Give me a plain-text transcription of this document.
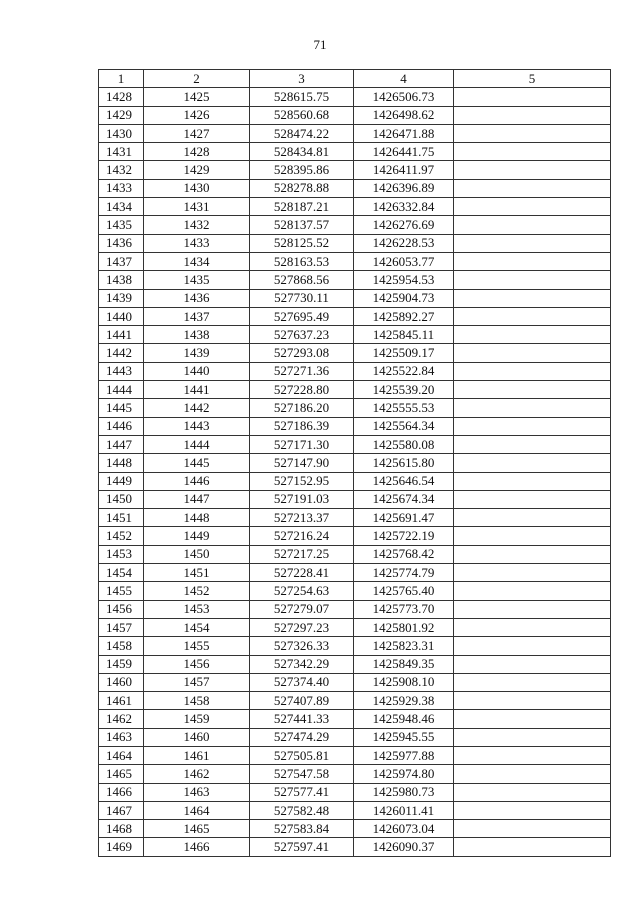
71
1	2	3	4	5
1428	1425	528615.75	1426506.73	
1429	1426	528560.68	1426498.62	
1430	1427	528474.22	1426471.88	
1431	1428	528434.81	1426441.75	
1432	1429	528395.86	1426411.97	
1433	1430	528278.88	1426396.89	
1434	1431	528187.21	1426332.84	
1435	1432	528137.57	1426276.69	
1436	1433	528125.52	1426228.53	
1437	1434	528163.53	1426053.77	
1438	1435	527868.56	1425954.53	
1439	1436	527730.11	1425904.73	
1440	1437	527695.49	1425892.27	
1441	1438	527637.23	1425845.11	
1442	1439	527293.08	1425509.17	
1443	1440	527271.36	1425522.84	
1444	1441	527228.80	1425539.20	
1445	1442	527186.20	1425555.53	
1446	1443	527186.39	1425564.34	
1447	1444	527171.30	1425580.08	
1448	1445	527147.90	1425615.80	
1449	1446	527152.95	1425646.54	
1450	1447	527191.03	1425674.34	
1451	1448	527213.37	1425691.47	
1452	1449	527216.24	1425722.19	
1453	1450	527217.25	1425768.42	
1454	1451	527228.41	1425774.79	
1455	1452	527254.63	1425765.40	
1456	1453	527279.07	1425773.70	
1457	1454	527297.23	1425801.92	
1458	1455	527326.33	1425823.31	
1459	1456	527342.29	1425849.35	
1460	1457	527374.40	1425908.10	
1461	1458	527407.89	1425929.38	
1462	1459	527441.33	1425948.46	
1463	1460	527474.29	1425945.55	
1464	1461	527505.81	1425977.88	
1465	1462	527547.58	1425974.80	
1466	1463	527577.41	1425980.73	
1467	1464	527582.48	1426011.41	
1468	1465	527583.84	1426073.04	
1469	1466	527597.41	1426090.37	
